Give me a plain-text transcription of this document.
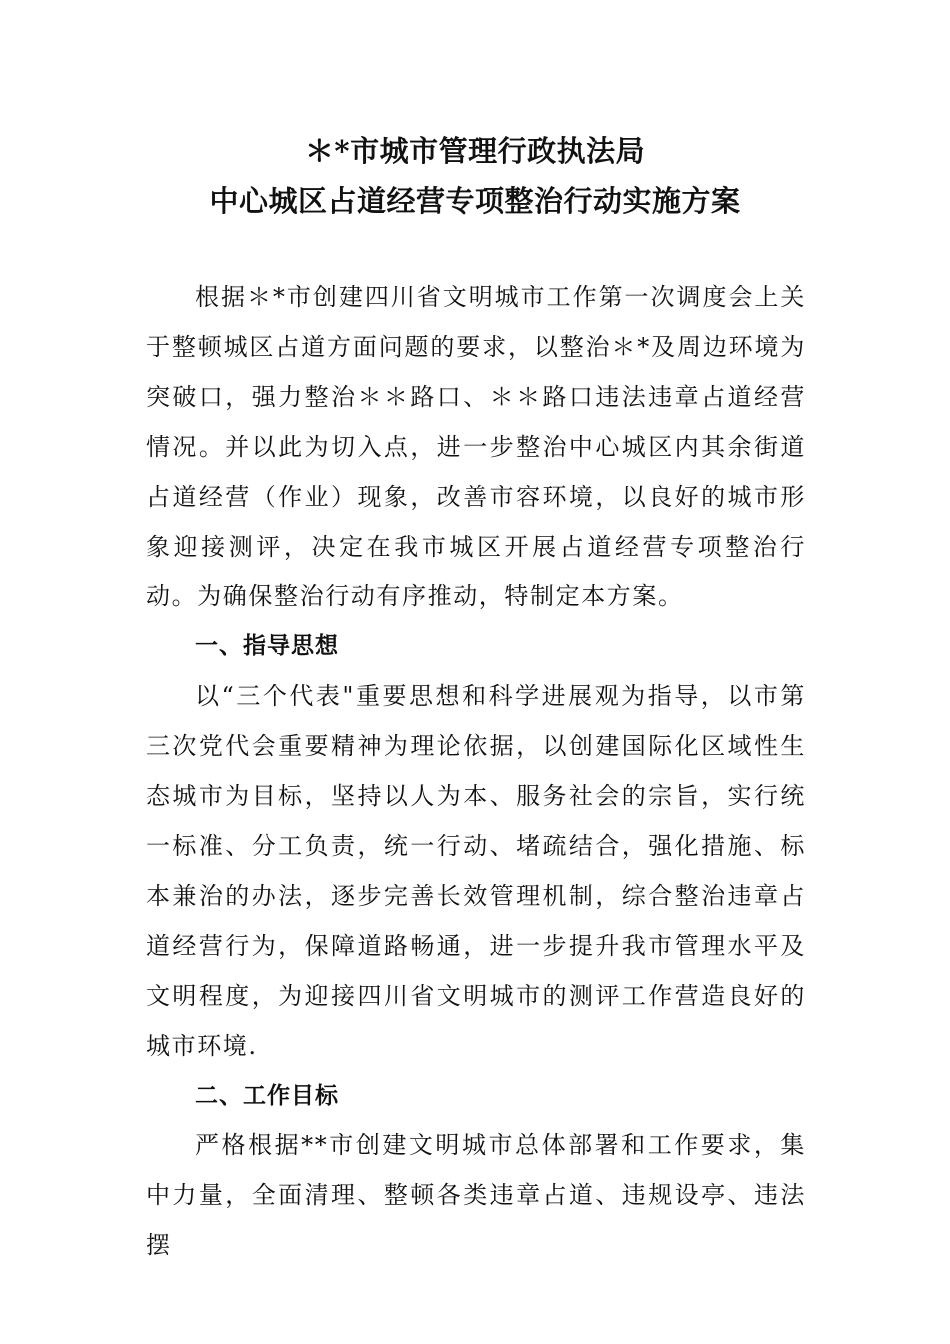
＊*市城市管理行政执法局
中心城区占道经营专项整治行动实施方案

根据＊*市创建四川省文明城市工作第一次调度会上关于整顿城区占道方面问题的要求，以整治＊*及周边环境为突破口，强力整治＊＊路口、＊＊路口违法违章占道经营情况。并以此为切入点，进一步整治中心城区内其余街道占道经营（作业）现象，改善市容环境，以良好的城市形象迎接测评，决定在我市城区开展占道经营专项整治行动。为确保整治行动有序推动，特制定本方案。

一、指导思想

以“三个代表"重要思想和科学进展观为指导，以市第三次党代会重要精神为理论依据，以创建国际化区域性生态城市为目标，坚持以人为本、服务社会的宗旨，实行统一标准、分工负责，统一行动、堵疏结合，强化措施、标本兼治的办法，逐步完善长效管理机制，综合整治违章占道经营行为，保障道路畅通，进一步提升我市管理水平及文明程度，为迎接四川省文明城市的测评工作营造良好的城市环境.

二、工作目标

严格根据**市创建文明城市总体部署和工作要求，集中力量，全面清理、整顿各类违章占道、违规设亭、违法摆
